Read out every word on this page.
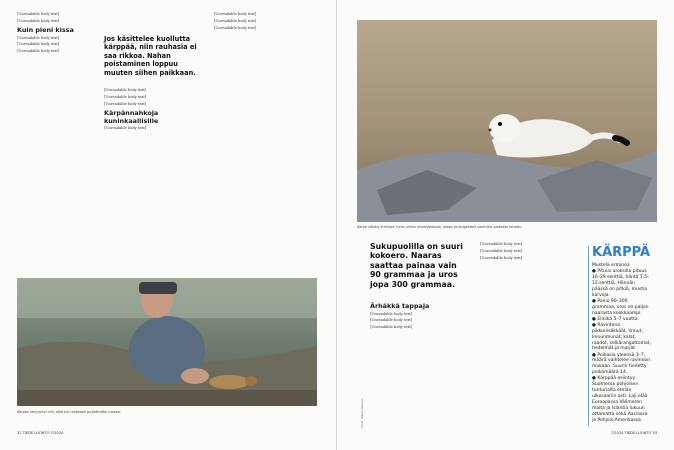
[Unreadable body text]
[Unreadable body text]
Kuin pieni kissa
[Unreadable body text]
[Unreadable body text]
[Unreadable body text]
Jos käsittelee kuollutta kärppää, niin rauhasia ei saa rikkoa. Nahan poistaminen loppuu muuten siihen paikkaan.
[Unreadable body text]
[Unreadable body text]
[Unreadable body text]
Kärpännahkoja kuninkaallisille
[Unreadable body text]
[Unreadable body text]
[Unreadable body text]
[Unreadable body text]
Kärpän keuyyntyi niin, että tuli rohkeasti pyydämään ruokaa.
32 TIEDE LUONTO 7/2024
Kärpä vähänj erityisen hyvin pihan kiviröykköissä, joissa se singahtelii vauhdilla paikasta toiseen.
Sukupuolilla on suuri kokoero. Naaras saattaa painaa vain 90 grammaa ja uros jopa 300 grammaa.
Ärhäkkä tappaja
[Unreadable body text]
[Unreadable body text]
[Unreadable body text]
[Unreadable body text]
[Unreadable body text]
[Unreadable body text]
Kuvat: Tapani Saarinen
KÄRPPÄ
Mustela erminea
● Pituus uroksilla pituus 16–29 senttiä, häntä 7,5–12 senttiä. Hännän päässä on pitkiä, mustia karvoja.
● Paino 90–300 grammaa, uros on paljon naarasta kookkaampi.
● Elinikä 5–7 vuotta.
● Ravintona pikkunisäkkäät, linnut, linnunmunat, kalat, raadot, selkärangattomat, hedelmät ja marjat.
● Poikasia yleensä 3–7, määrä vaihtelee ravinnon mukaan. Suurin tiedetty poikamäärä 14.
● Kärppää esiintyy Suomessa pohjoisen tunturialta etelän ulkosaariin asti. Laji elää Euroopassa Välimeren maita ja Islantia lukuun ottamatta sekä Aasiassa ja Pohjois-Amerikassa.
7/2024 TIEDE LUONTO 33
